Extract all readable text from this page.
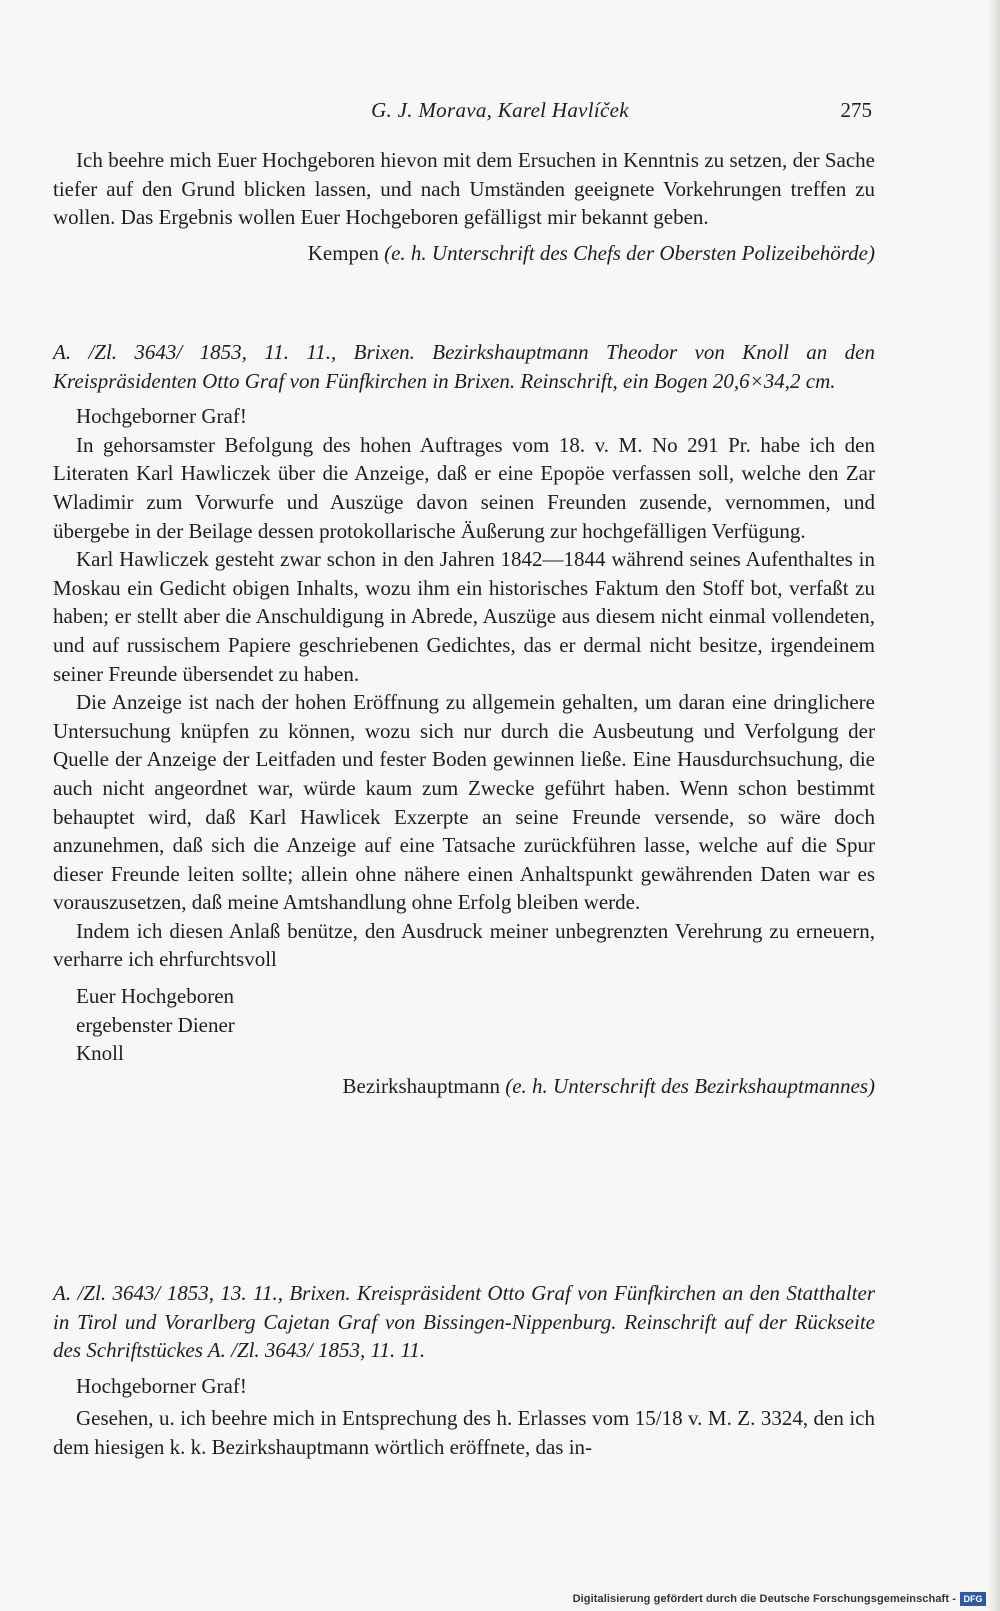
G. J. Morava, Karel Havlíček	275

Ich beehre mich Euer Hochgeboren hievon mit dem Ersuchen in Kenntnis zu setzen, der Sache tiefer auf den Grund blicken lassen, und nach Umständen geeignete Vorkehrungen treffen zu wollen. Das Ergebnis wollen Euer Hochgeboren gefälligst mir bekannt geben.

Kempen (e. h. Unterschrift des Chefs der Obersten Polizeibehörde)

A. /Zl. 3643/ 1853, 11. 11., Brixen. Bezirkshauptmann Theodor von Knoll an den Kreispräsidenten Otto Graf von Fünfkirchen in Brixen. Reinschrift, ein Bogen 20,6×34,2 cm.

Hochgeborner Graf!

In gehorsamster Befolgung des hohen Auftrages vom 18. v. M. No 291 Pr. habe ich den Literaten Karl Hawliczek über die Anzeige, daß er eine Epopöe verfassen soll, welche den Zar Wladimir zum Vorwurfe und Auszüge davon seinen Freunden zusende, vernommen, und übergebe in der Beilage dessen protokollarische Äußerung zur hochgefälligen Verfügung.

Karl Hawliczek gesteht zwar schon in den Jahren 1842—1844 während seines Aufenthaltes in Moskau ein Gedicht obigen Inhalts, wozu ihm ein historisches Faktum den Stoff bot, verfaßt zu haben; er stellt aber die Anschuldigung in Abrede, Auszüge aus diesem nicht einmal vollendeten, und auf russischem Papiere geschriebenen Gedichtes, das er dermal nicht besitze, irgendeinem seiner Freunde übersendet zu haben.

Die Anzeige ist nach der hohen Eröffnung zu allgemein gehalten, um daran eine dringlichere Untersuchung knüpfen zu können, wozu sich nur durch die Ausbeutung und Verfolgung der Quelle der Anzeige der Leitfaden und fester Boden gewinnen ließe. Eine Hausdurchsuchung, die auch nicht angeordnet war, würde kaum zum Zwecke geführt haben. Wenn schon bestimmt behauptet wird, daß Karl Hawlicek Exzerpte an seine Freunde versende, so wäre doch anzunehmen, daß sich die Anzeige auf eine Tatsache zurückführen lasse, welche auf die Spur dieser Freunde leiten sollte; allein ohne nähere einen Anhaltspunkt gewährenden Daten war es vorauszusetzen, daß meine Amtshandlung ohne Erfolg bleiben werde.

Indem ich diesen Anlaß benütze, den Ausdruck meiner unbegrenzten Verehrung zu erneuern, verharre ich ehrfurchtsvoll

Euer Hochgeboren

ergebenster Diener

Knoll

Bezirkshauptmann (e. h. Unterschrift des Bezirkshauptmannes)

A. /Zl. 3643/ 1853, 13. 11., Brixen. Kreispräsident Otto Graf von Fünfkirchen an den Statthalter in Tirol und Vorarlberg Cajetan Graf von Bissingen-Nippenburg. Reinschrift auf der Rückseite des Schriftstückes A. /Zl. 3643/ 1853, 11. 11.

Hochgeborner Graf!

Gesehen, u. ich beehre mich in Entsprechung des h. Erlasses vom 15/18 v. M. Z. 3324, den ich dem hiesigen k. k. Bezirkshauptmann wörtlich eröffnete, das in-

Digitalisierung gefördert durch die Deutsche Forschungsgemeinschaft - DFG
